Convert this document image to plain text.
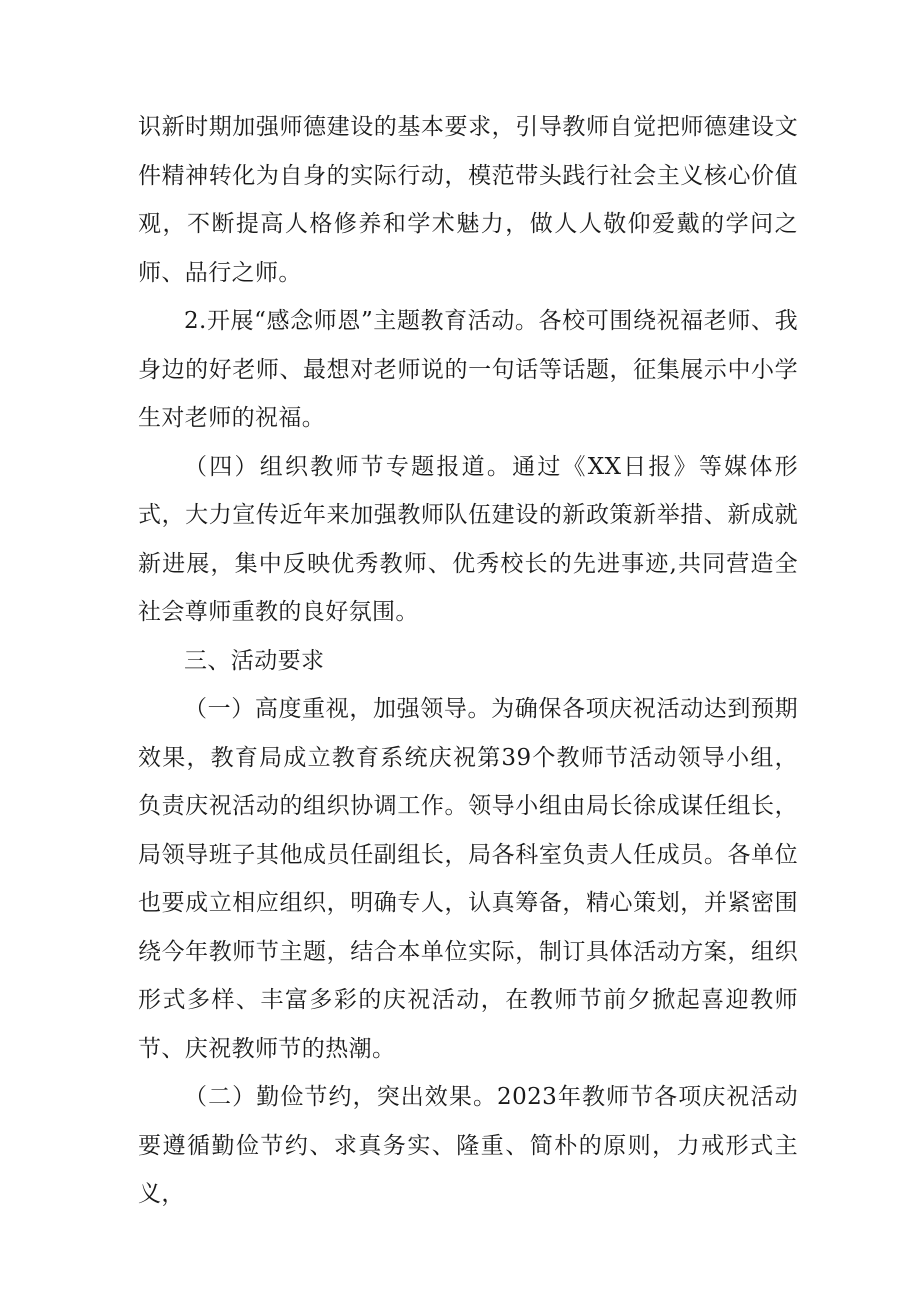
识新时期加强师德建设的基本要求，引导教师自觉把师德建设文件精神转化为自身的实际行动，模范带头践行社会主义核心价值观，不断提高人格修养和学术魅力，做人人敬仰爱戴的学问之师、品行之师。

2.开展“感念师恩”主题教育活动。各校可围绕祝福老师、我身边的好老师、最想对老师说的一句话等话题，征集展示中小学生对老师的祝福。

（四）组织教师节专题报道。通过《XX日报》等媒体形式，大力宣传近年来加强教师队伍建设的新政策新举措、新成就新进展，集中反映优秀教师、优秀校长的先进事迹,共同营造全社会尊师重教的良好氛围。

三、活动要求

（一）高度重视，加强领导。为确保各项庆祝活动达到预期效果，教育局成立教育系统庆祝第39个教师节活动领导小组，负责庆祝活动的组织协调工作。领导小组由局长徐成谋任组长，局领导班子其他成员任副组长，局各科室负责人任成员。各单位也要成立相应组织，明确专人，认真筹备，精心策划，并紧密围绕今年教师节主题，结合本单位实际，制订具体活动方案，组织形式多样、丰富多彩的庆祝活动，在教师节前夕掀起喜迎教师节、庆祝教师节的热潮。

（二）勤俭节约，突出效果。2023年教师节各项庆祝活动要遵循勤俭节约、求真务实、隆重、简朴的原则，力戒形式主义，
